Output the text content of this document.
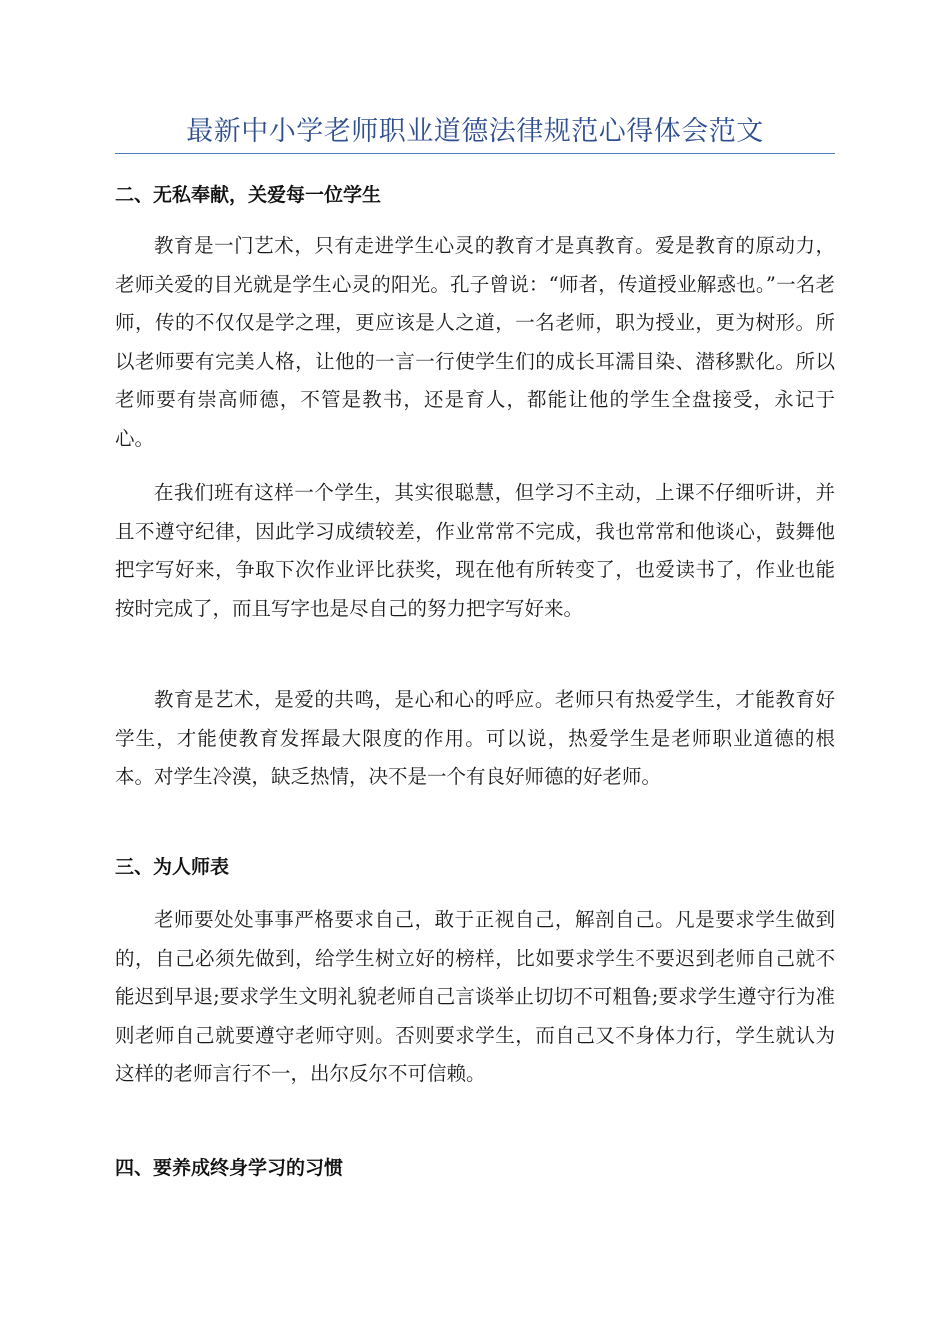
最新中小学老师职业道德法律规范心得体会范文
二、无私奉献，关爱每一位学生

教育是一门艺术，只有走进学生心灵的教育才是真教育。爱是教育的原动力，老师关爱的目光就是学生心灵的阳光。孔子曾说：“师者，传道授业解惑也。”一名老师，传的不仅仅是学之理，更应该是人之道，一名老师，职为授业，更为树形。所以老师要有完美人格，让他的一言一行使学生们的成长耳濡目染、潜移默化。所以老师要有崇高师德，不管是教书，还是育人，都能让他的学生全盘接受，永记于心。

在我们班有这样一个学生，其实很聪慧，但学习不主动，上课不仔细听讲，并且不遵守纪律，因此学习成绩较差，作业常常不完成，我也常常和他谈心，鼓舞他把字写好来，争取下次作业评比获奖，现在他有所转变了，也爱读书了，作业也能按时完成了，而且写字也是尽自己的努力把字写好来。

教育是艺术，是爱的共鸣，是心和心的呼应。老师只有热爱学生，才能教育好学生，才能使教育发挥最大限度的作用。可以说，热爱学生是老师职业道德的根本。对学生冷漠，缺乏热情，决不是一个有良好师德的好老师。

三、为人师表

老师要处处事事严格要求自己，敢于正视自己，解剖自己。凡是要求学生做到的，自己必须先做到，给学生树立好的榜样，比如要求学生不要迟到老师自己就不能迟到早退;要求学生文明礼貌老师自己言谈举止切切不可粗鲁;要求学生遵守行为准则老师自己就要遵守老师守则。否则要求学生，而自己又不身体力行，学生就认为这样的老师言行不一，出尔反尔不可信赖。

四、要养成终身学习的习惯
